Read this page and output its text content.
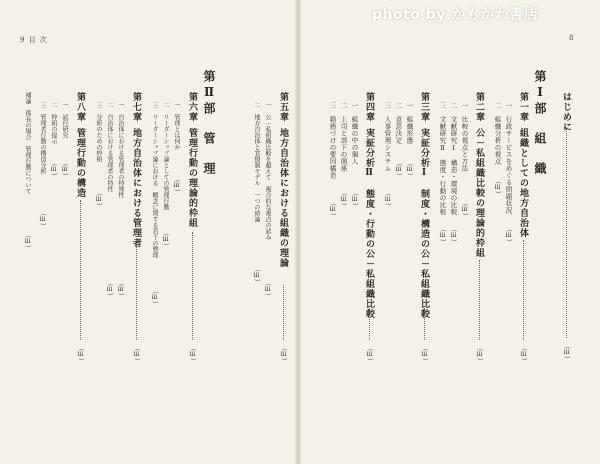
9 目 次	8
photo by かもがわ書店
はじめに
（ⅲ）
第Ⅰ部　組　織
第一章
組織としての地方自治体
（ⅲ）
一　行政サービスをめぐる問題状況
（ⅲ）
二　組織分析の視点
（ⅲ）
第二章
公－私組織比較の理論的枠組
（ⅲ）
一　比較の視点と方法
（ⅲ）
二　文献研究Ⅰ　構造・環境の比較
（ⅲ）
三　文献研究Ⅱ　態度・行動の比較
（ⅲ）
第三章
実証分析Ⅰ　制度・構造の公－私組織比較
（ⅲ）
一　組織形態
（ⅲ）
二　意思決定
（ⅲ）
三　人事管理システム
（ⅲ）
第四章
実証分析Ⅱ　態度・行動の公－私組織比較
（ⅲ）
一　組織の中の個人
（ⅲ）
二　上司と部下の関係
（ⅲ）
三　勤務づけの要因構造
（ⅲ）
第五章
地方自治体における組織の理論
（ⅲ）
一　公－私組織比較を超えて　複合的な視点の試み
（ⅲ）
二　地方自治体と官僚制モデル　一つの結論
（ⅲ）
第Ⅱ部　管　理
第六章
管理行動の理論的枠組
（ⅲ）
一　管理とは何か
（ⅲ）
二　リーダーシップ論としての管理行動
（ⅲ）
三　リーダーシップ論における　概念に関する若干の整理
（ⅲ）
第七章
地方自治体における管理者
（ⅲ）
一　自治体における管理者の特殊性
（ⅲ）
二　自治体における管理者の特性
（ⅲ）
三　分析のための枠組
（ⅲ）
第八章
管理行動の構造
（ⅲ）
一　試行研究
（ⅲ）
二　枠組の提示
（ⅲ）
三　管理者行動の構造分析
（ⅲ）
補論　係長の場合　管理行動について
（ⅲ）
